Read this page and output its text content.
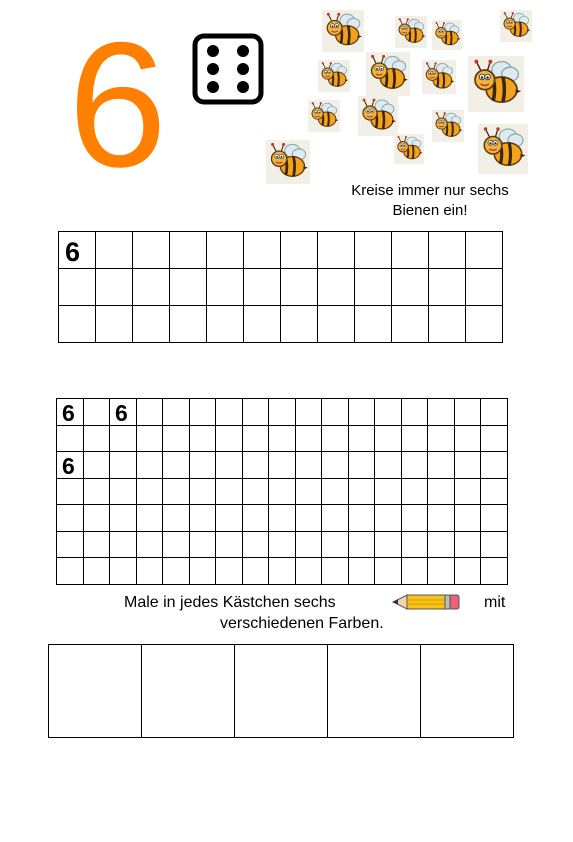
6	Kreise immer nur sechs
Bienen ein!
6											

6		6														

6																

Male in jedes Kästchen sechs	mit
verschiedenen Farben.
